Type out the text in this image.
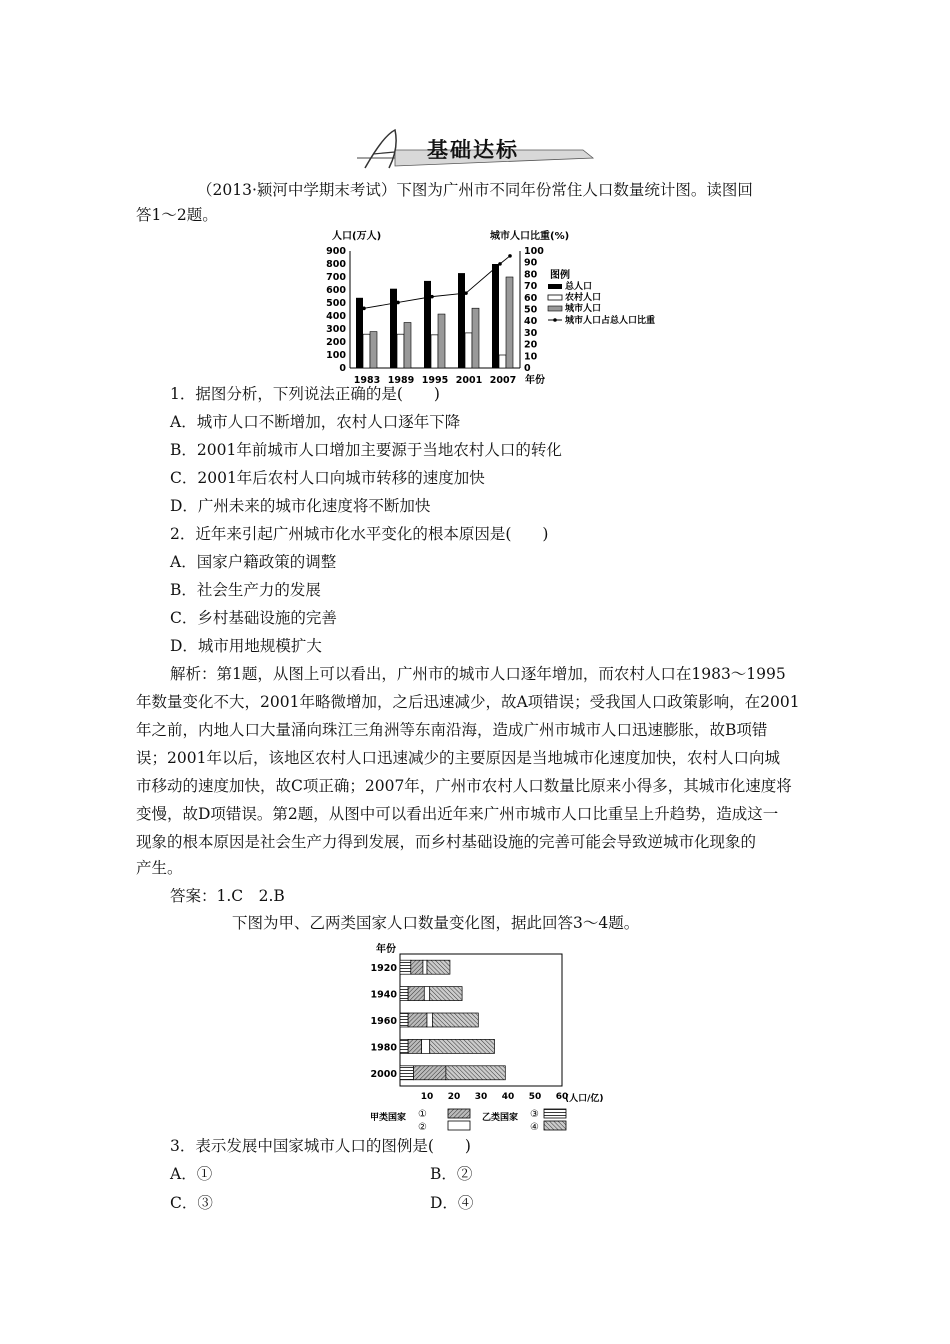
基础达标
（2013·颍河中学期末考试）下图为广州市不同年份常住人口数量统计图。读图回
答1～2题。
人口(万人)	城市人口比重(%)
900
800
700
600
500
400
300
200
100
0
100
90
80
70
60
50
40
30
20
10
0
1983 1989 1995 2001 2007 年份
图例
总人口
农村人口
城市人口
城市人口占总人口比重
1．据图分析，下列说法正确的是(　　)
A．城市人口不断增加，农村人口逐年下降
B．2001年前城市人口增加主要源于当地农村人口的转化
C．2001年后农村人口向城市转移的速度加快
D．广州未来的城市化速度将不断加快
2．近年来引起广州城市化水平变化的根本原因是(　　)
A．国家户籍政策的调整
B．社会生产力的发展
C．乡村基础设施的完善
D．城市用地规模扩大
解析：第1题，从图上可以看出，广州市的城市人口逐年增加，而农村人口在1983～1995
年数量变化不大，2001年略微增加，之后迅速减少，故A项错误；受我国人口政策影响，在2001
年之前，内地人口大量涌向珠江三角洲等东南沿海，造成广州市城市人口迅速膨胀，故B项错
误；2001年以后，该地区农村人口迅速减少的主要原因是当地城市化速度加快，农村人口向城
市移动的速度加快，故C项正确；2007年，广州市农村人口数量比原来小得多，其城市化速度将
变慢，故D项错误。第2题，从图中可以看出近年来广州市城市人口比重呈上升趋势，造成这一
现象的根本原因是社会生产力得到发展，而乡村基础设施的完善可能会导致逆城市化现象的
产生。
答案：1.C　2.B
下图为甲、乙两类国家人口数量变化图，据此回答3～4题。
年份
1920
1940
1960
1980
2000
10 20 30 40 50 60
(人口/亿)
甲类国家 ①
②
乙类国家 ③
④
3．表示发展中国家城市人口的图例是(　　)
A．①	B．②
C．③	D．④
